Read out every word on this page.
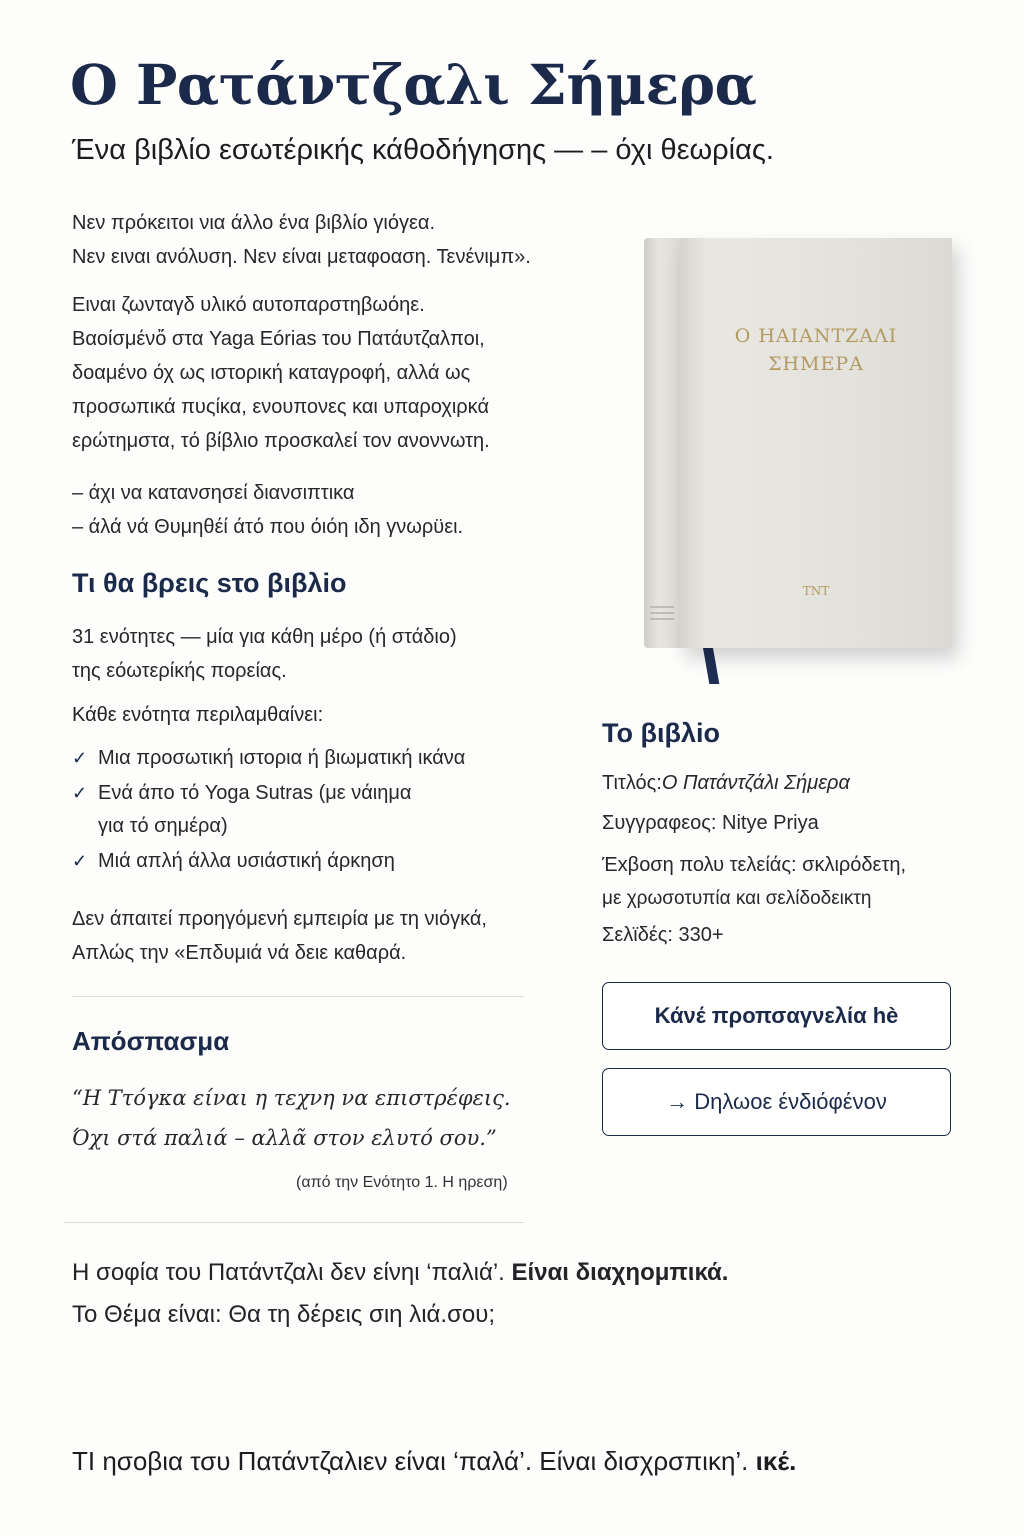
Ο Ρατάντζαλι Σήμερα
Ένα βιβλίο εσωτέρικής κάθοδήγησης — – όχι θεωρίας.
Νεν πρόκειτοι νια άλλο ένα βιβλίο γιόγεα.
Νεν ειναι ανόλυση. Νεν είναι μεταφοαση. Τενένιμπ».
Ειναι ζωνταγδ υλικό αυτοπαρστηβωόηε.
Βαοίσμένὄ στα Yaga Eórias του Πατάυτζαλποι,
δοαμένο όχ ως ιστορική καταγροφή, αλλά ως
προσωπικά πυςίκα, ενουπονες και υπαροχιρκά
ερώτημστα, τό βίβλιο προσκαλεί τον ανοννωτη.
– άχι να κατανσησεί διανσιπτικα
– άλά νά Θυμηθέί άτό που όιόη ιδη γνωρϋει.
Τι θα βρεις sτο βιβλio
31 ενότητες — μία για κάθη μέρο (ή στάδιο)
της εόωτερίκής πορείας.
Κάθε ενότητα περιλαμθαίνει:
✓ Μια προσωτική ιστορια ή βιωματική ικάνα
✓ Ενά άπο τό Yoga Sutras (με νάιημα
για τό σημέρα)
✓ Μιά απλή άλλα υσιάστική άρκηση
Δεν άπαιτεί προηγόμενή εμπειρία με τη νιόγκά,
Απλώς την «Επδυμιά νά δειε καθαρά.
Απόσπασμα
“Η Ττόγκα είναι η τεχνη να επιστρέφεις.
Όχι στά παλιά – αλλᾶ στον ελυτό σου.”
(από την Ενότητο 1. Η ηρεση)
Ο ΗΑΙΑΝΤΖΑΛΙ
ΣΗΜΕΡΑ
ΤΝΤ
Το βιβλio
Τιτλός:Ο Πατάντζάλι Σήμερα
Συγγραφεος: Nitye Priya
Έxβοση πολυ τελείάς: σκλιρόδετη,
με χρωσοτυπία και σελίδοδεικτη
Σελϊδές: 330+
Κάνέ προπσαγνελία hè
→ Dηλωοε ένδιόφένον
Η σοφία του Πατάντζαλι δεν είνηι ‘παλιά’. Είναι διαχηομπικά.
Το Θέμα είναι: Θα τη δέρεις σιη λιά.σου;
ΤΙ ησοβια τσυ Πατάντζαλιεν είναι ‘παλά’. Είναι δισχρσπικη’. ικέ.
